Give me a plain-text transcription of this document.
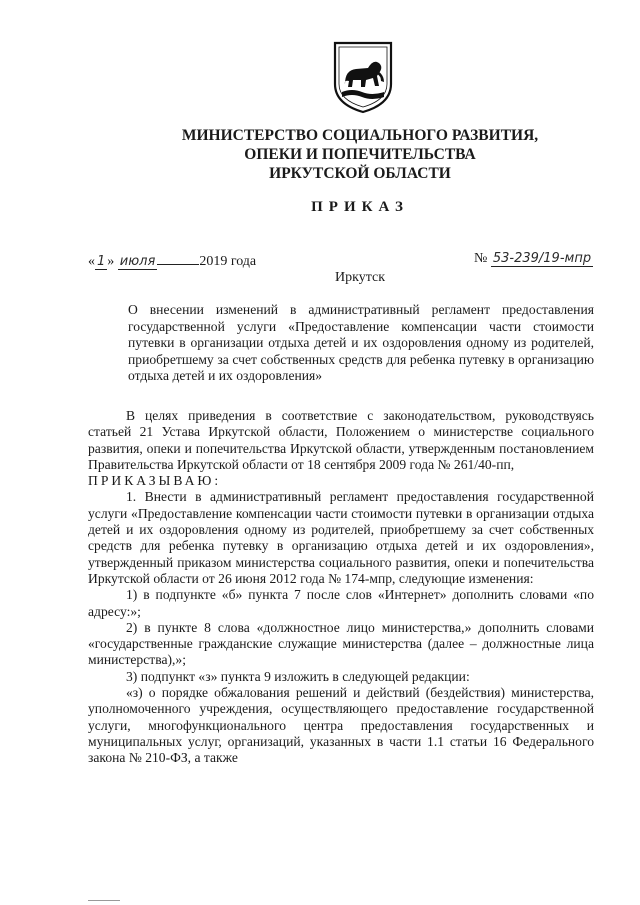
МИНИСТЕРСТВО СОЦИАЛЬНОГО РАЗВИТИЯ,
ОПЕКИ И ПОПЕЧИТЕЛЬСТВА
ИРКУТСКОЙ ОБЛАСТИ
ПРИКАЗ
« 1 » июля	2019 года	№ 53-239/19-мпр
Иркутск
О внесении изменений в административный регламент предоставления государственной услуги «Предоставление компенсации части стоимости путевки в организации отдыха детей и их оздоровления одному из родителей, приобретшему за счет собственных средств для ребенка путевку в организацию отдыха детей и их оздоровления»

В целях приведения в соответствие с законодательством, руководствуясь статьей 21 Устава Иркутской области, Положением о министерстве социального развития, опеки и попечительства Иркутской области, утвержденным постановлением Правительства Иркутской области от 18 сентября 2009 года № 261/40-пп,

ПРИКАЗЫВАЮ:

1. Внести в административный регламент предоставления государственной услуги «Предоставление компенсации части стоимости путевки в организации отдыха детей и их оздоровления одному из родителей, приобретшему за счет собственных средств для ребенка путевку в организацию отдыха детей и их оздоровления», утвержденный приказом министерства социального развития, опеки и попечительства Иркутской области от 26 июня 2012 года № 174-мпр, следующие изменения:

1) в подпункте «б» пункта 7 после слов «Интернет» дополнить словами «по адресу:»;

2) в пункте 8 слова «должностное лицо министерства,» дополнить словами «государственные гражданские служащие министерства (далее – должностные лица министерства),»;

3) подпункт «з» пункта 9 изложить в следующей редакции:

«з) о порядке обжалования решений и действий (бездействия) министерства, уполномоченного учреждения, осуществляющего предоставление государственной услуги, многофункционального центра предоставления государственных и муниципальных услуг, организаций, указанных в части 1.1 статьи 16 Федерального закона № 210-ФЗ, а также
